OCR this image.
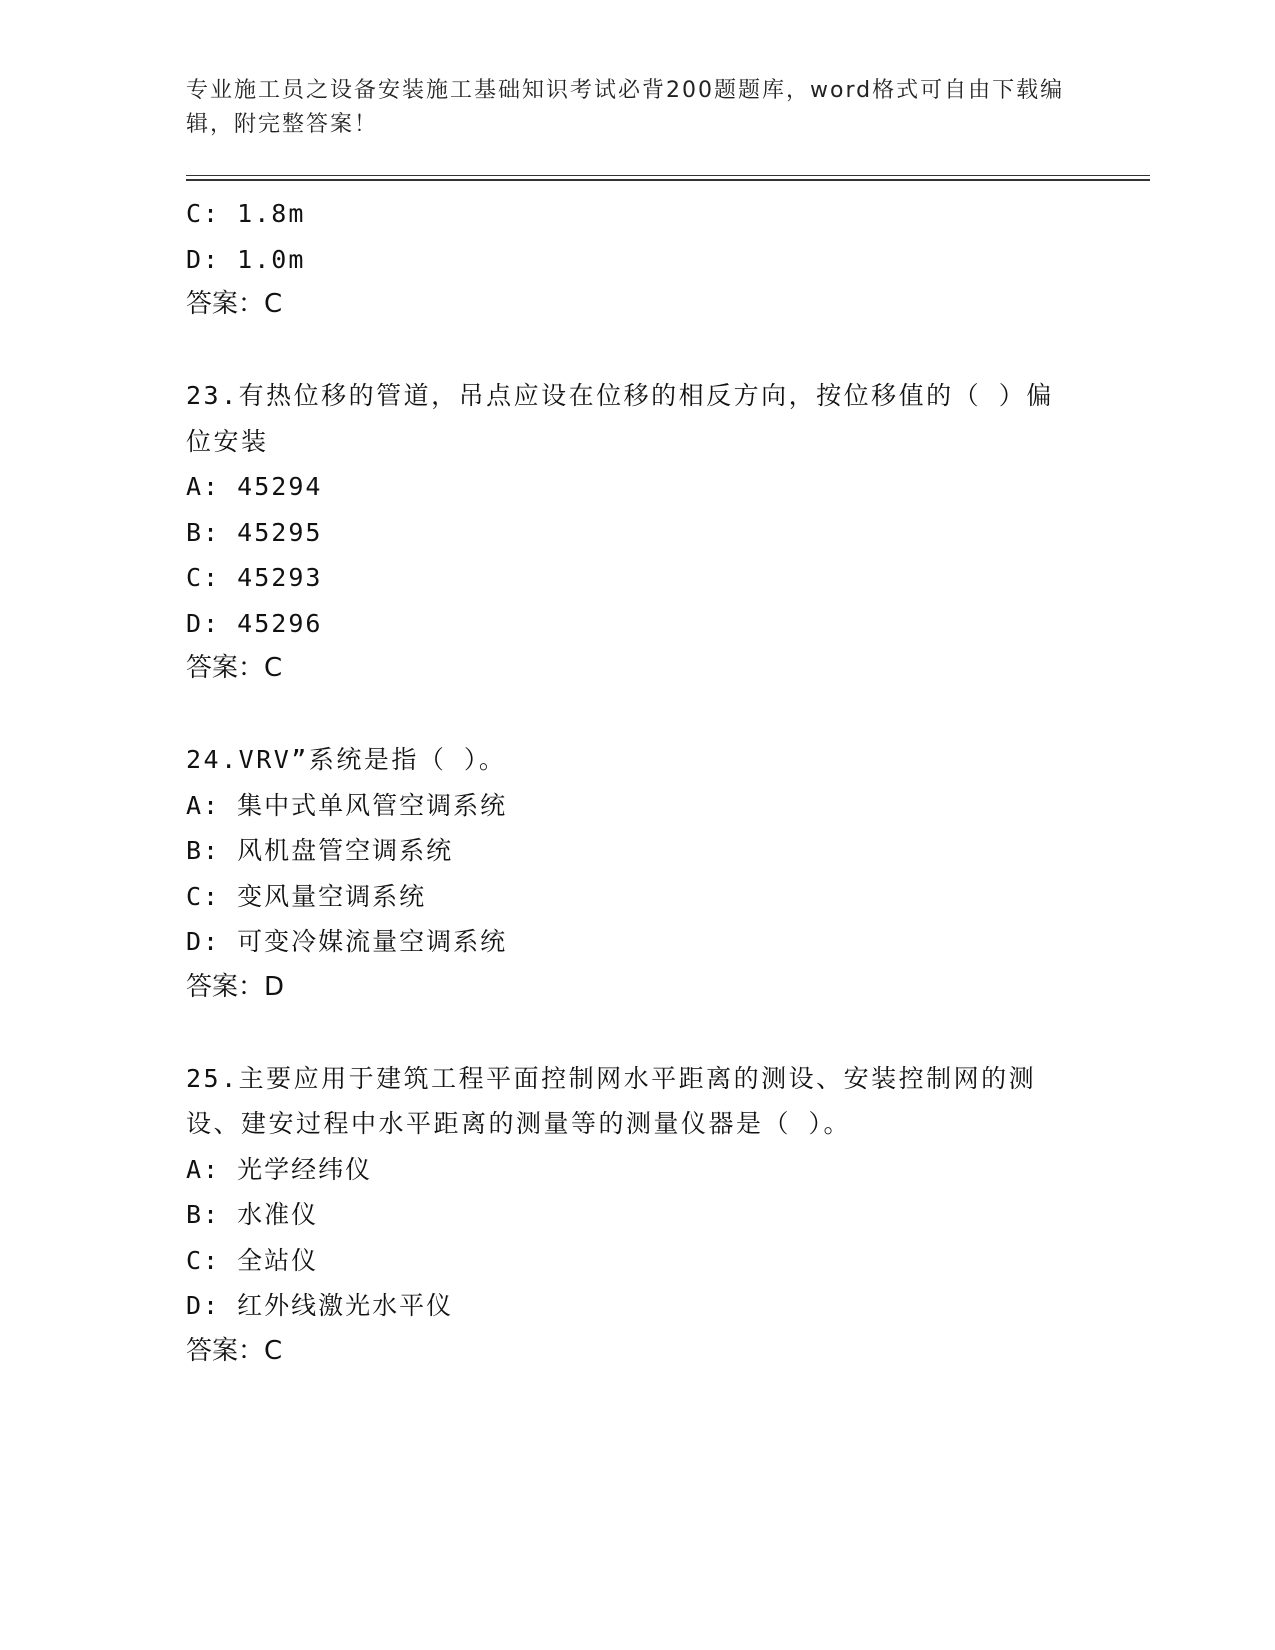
专业施工员之设备安装施工基础知识考试必背200题题库，word格式可自由下载编辑，附完整答案！
C: 1.8m
D: 1.0m
答案：C
23.有热位移的管道，吊点应设在位移的相反方向，按位移值的（ ）偏位安装
A: 45294
B: 45295
C: 45293
D: 45296
答案：C
24.VRV”系统是指（ ）。
A: 集中式单风管空调系统
B: 风机盘管空调系统
C: 变风量空调系统
D: 可变冷媒流量空调系统
答案：D
25.主要应用于建筑工程平面控制网水平距离的测设、安装控制网的测设、建安过程中水平距离的测量等的测量仪器是（ ）。
A: 光学经纬仪
B: 水准仪
C: 全站仪
D: 红外线激光水平仪
答案：C
